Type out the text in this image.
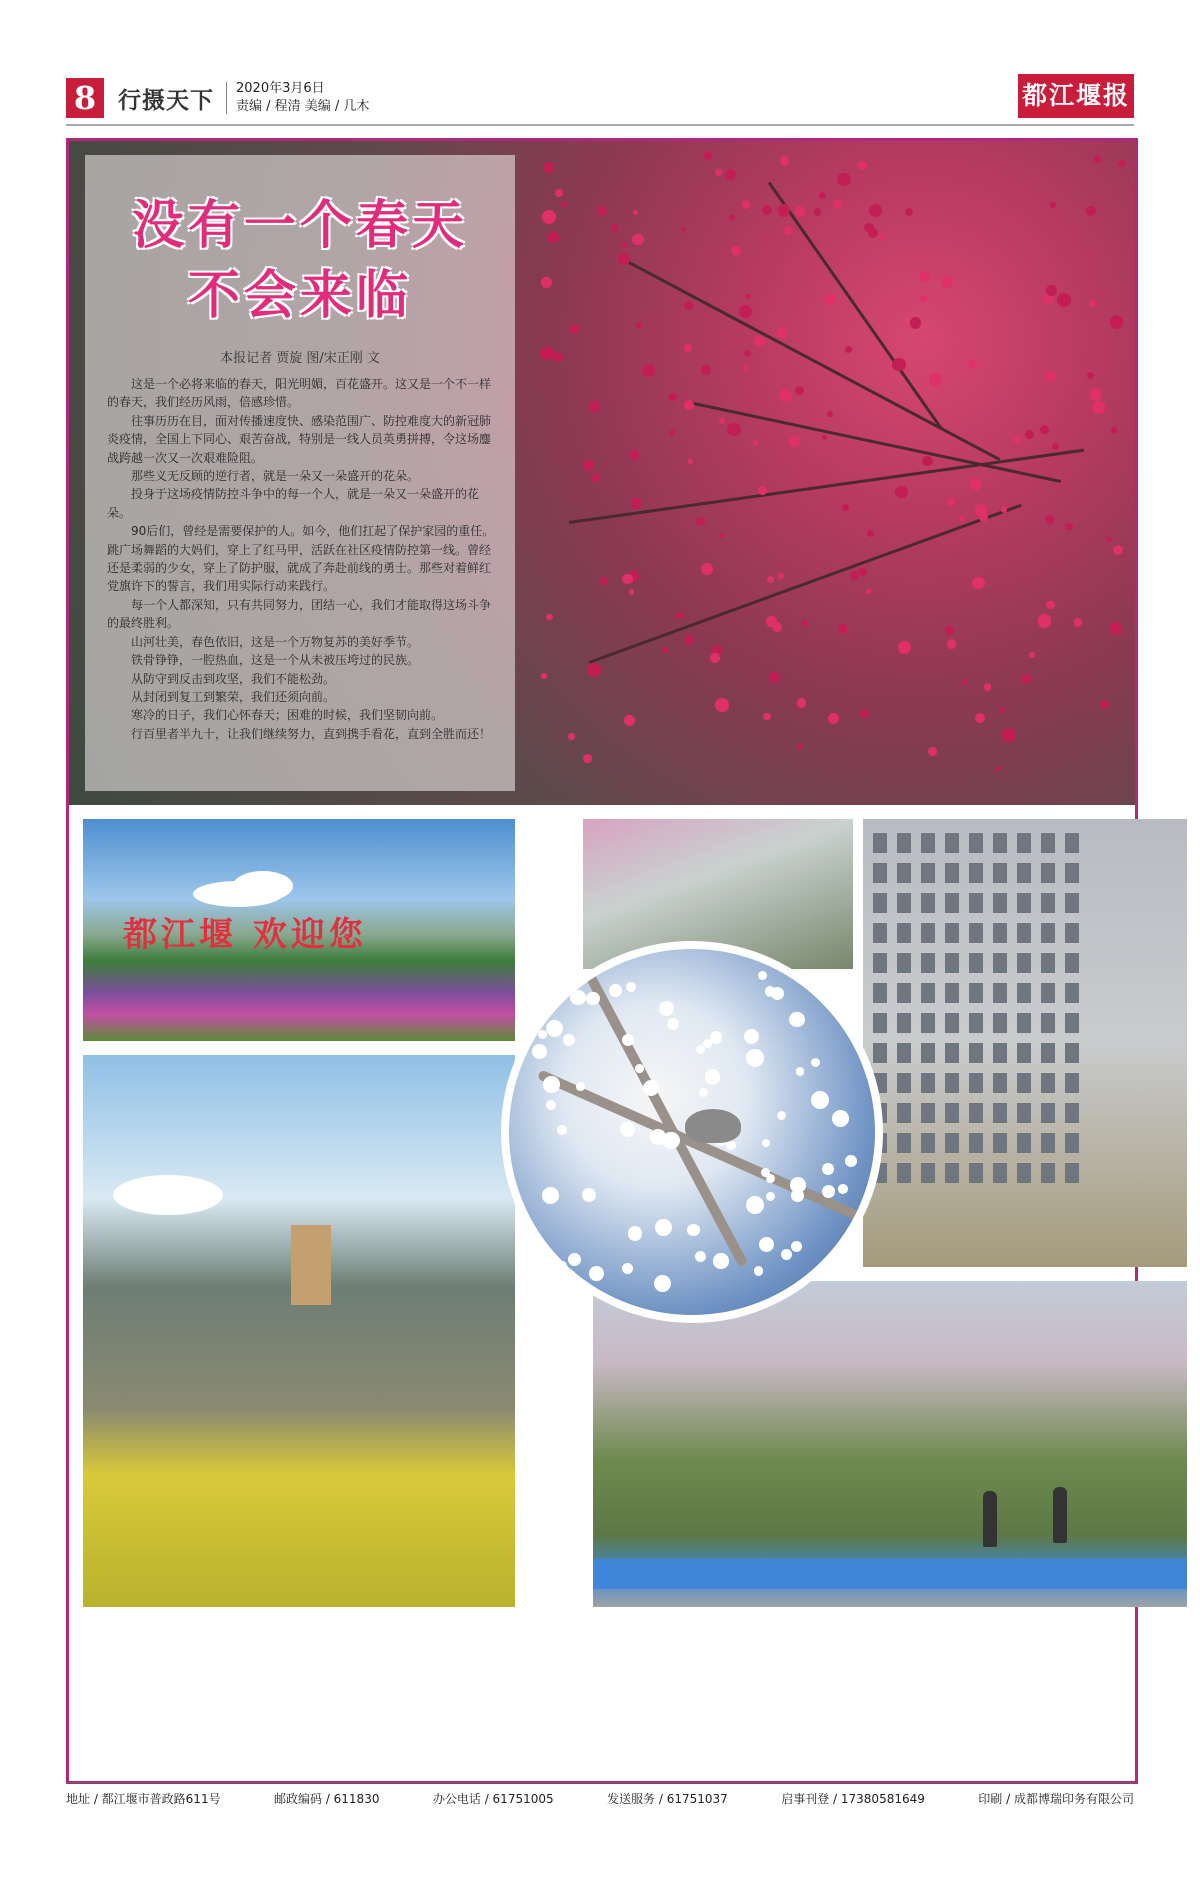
8 行摄天下 2020年3月6日
责编 / 程清 美编 / 几木	都江堰报
没有一个春天
不会来临
本报记者 贾旋 图/宋正刚 文

这是一个必将来临的春天，阳光明媚，百花盛开。这又是一个不一样的春天，我们经历风雨，倍感珍惜。

往事历历在目，面对传播速度快、感染范围广、防控难度大的新冠肺炎疫情，全国上下同心、艰苦奋战，特别是一线人员英勇拼搏，令这场鏖战跨越一次又一次艰难险阻。

那些义无反顾的逆行者，就是一朵又一朵盛开的花朵。

投身于这场疫情防控斗争中的每一个人，就是一朵又一朵盛开的花朵。

90后们，曾经是需要保护的人。如今，他们扛起了保护家园的重任。跳广场舞蹈的大妈们，穿上了红马甲，活跃在社区疫情防控第一线。曾经还是柔弱的少女，穿上了防护服，就成了奔赴前线的勇士。那些对着鲜红党旗许下的誓言，我们用实际行动来践行。

每一个人都深知，只有共同努力，团结一心，我们才能取得这场斗争的最终胜利。

山河壮美，春色依旧，这是一个万物复苏的美好季节。

铁骨铮铮，一腔热血，这是一个从未被压垮过的民族。

从防守到反击到攻坚，我们不能松劲。

从封闭到复工到繁荣，我们还须向前。

寒冷的日子，我们心怀春天；困难的时候，我们坚韧向前。

行百里者半九十，让我们继续努力，直到携手看花，直到全胜而还！

都江堰 欢迎您
地址 / 都江堰市普政路611号	邮政编码 / 611830	办公电话 / 61751005	发送服务 / 61751037	启事刊登 / 17380581649	印刷 / 成都博瑞印务有限公司
